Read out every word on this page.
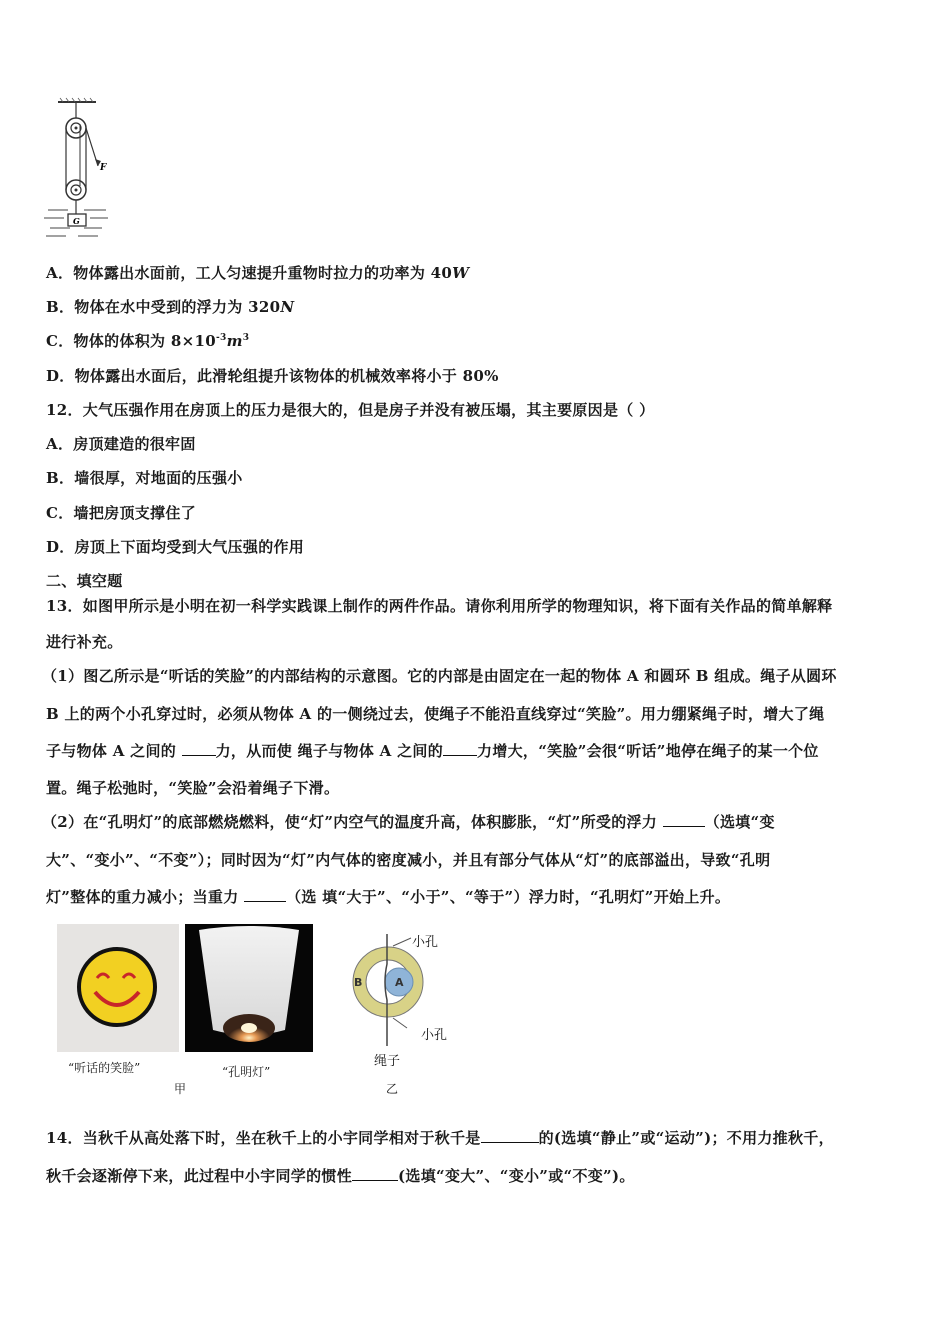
F
G
A．物体露出水面前，工人匀速提升重物时拉力的功率为 40W
B．物体在水中受到的浮力为 320N
C．物体的体积为 $8\times 10^{-3}m^3$
D．物体露出水面后，此滑轮组提升该物体的机械效率将小于 80%
12．大气压强作用在房顶上的压力是很大的，但是房子并没有被压塌，其主要原因是（ ）
A．房顶建造的很牢固
B．墙很厚，对地面的压强小
C．墙把房顶支撑住了
D．房顶上下面均受到大气压强的作用
二、填空题
13．如图甲所示是小明在初一科学实践课上制作的两件作品。请你利用所学的物理知识，将下面有关作品的简单解释
进行补充。
（1）图乙所示是“听话的笑脸”的内部结构的示意图。它的内部是由固定在一起的物体 A 和圆环 B 组成。绳子从圆环
B 上的两个小孔穿过时，必须从物体 A 的一侧绕过去，使绳子不能沿直线穿过“笑脸”。用力绷紧绳子时，增大了绳
子与物体 A 之间的 力，从而使 绳子与物体 A 之间的 力增大，“笑脸”会很“听话”地停在绳子的某一个位
置。绳子松弛时，“笑脸”会沿着绳子下滑。
（2）在“孔明灯”的底部燃烧燃料，使“灯”内空气的温度升高，体积膨胀，“灯”所受的浮力	（选填“变
大”、“变小”、“不变”）；同时因为“灯”内气体的密度减小，并且有部分气体从“灯”的底部溢出，导致“孔明
灯”整体的重力减小；当重力	（选 填“大于”、“小于”、“等于”）浮力时，“孔明灯”开始上升。
“听话的笑脸”	“孔明灯”
甲
A
B
小孔
小孔
绳子
乙
14．当秋千从高处落下时，坐在秋千上的小宇同学相对于秋千是	的(选填“静止”或“运动”)；不用力推秋千，
秋千会逐渐停下来，此过程中小宇同学的惯性	(选填“变大”、“变小”或“不变”)。
